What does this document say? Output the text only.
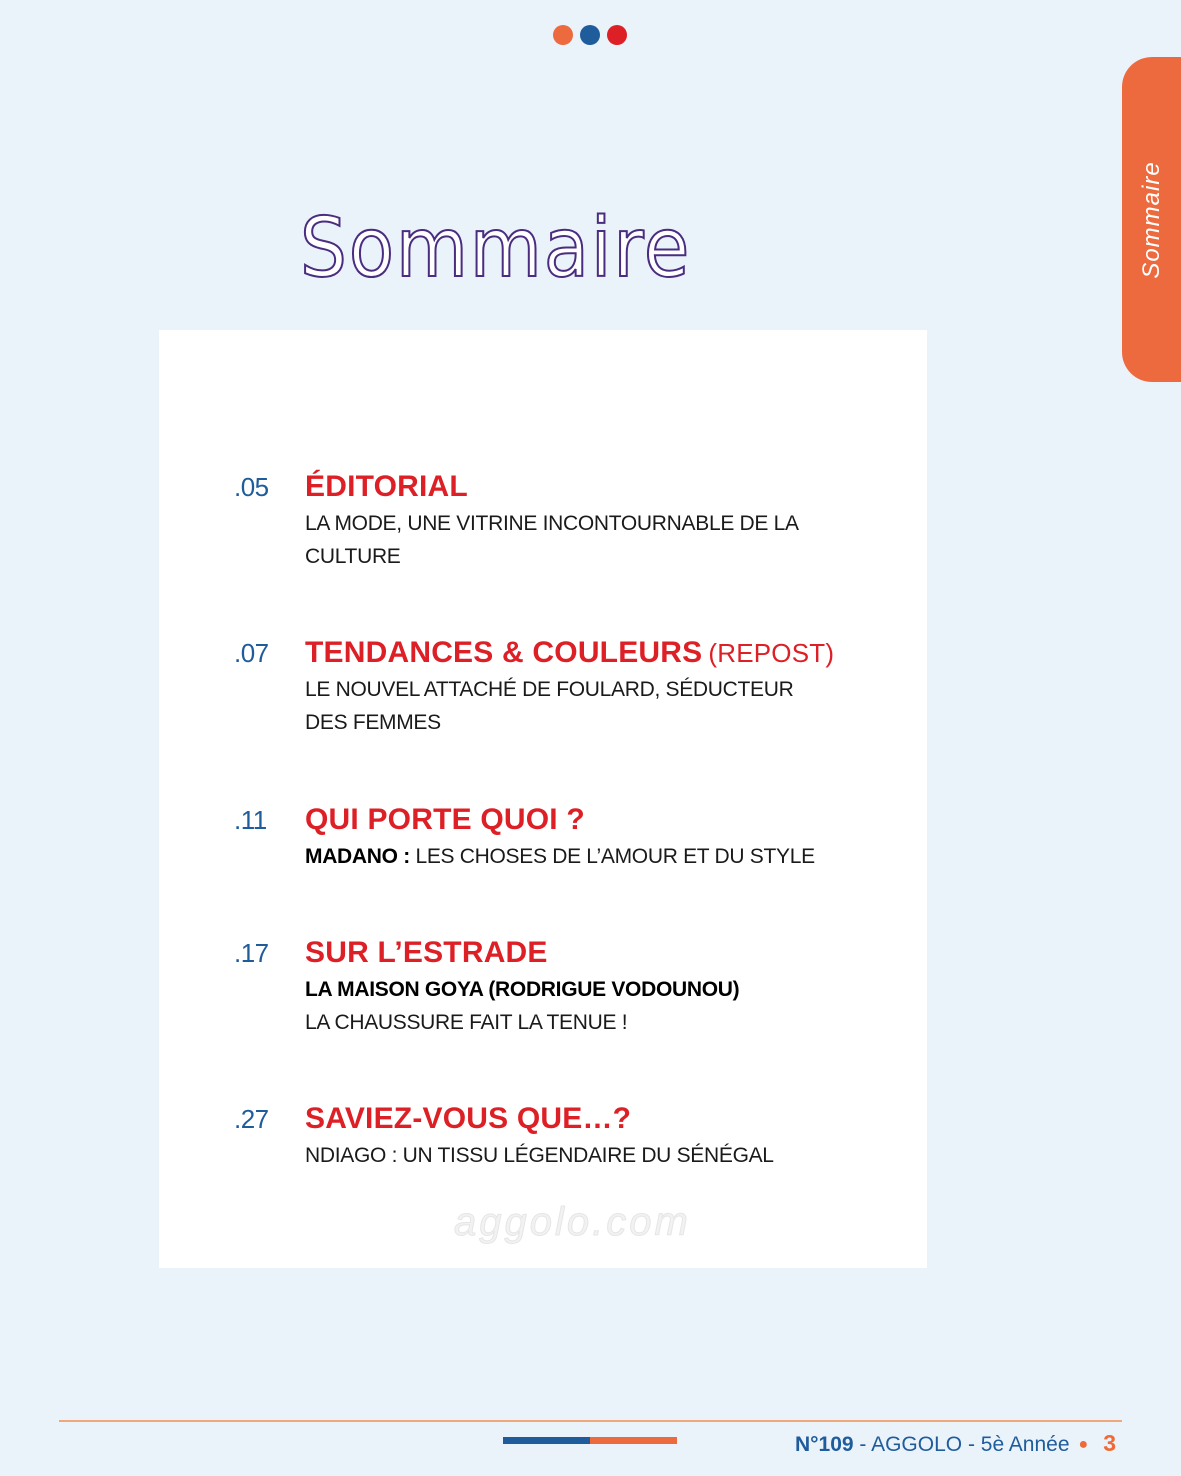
Sommaire
Sommaire
.05 ÉDITORIAL
LA MODE, UNE VITRINE INCONTOURNABLE DE LA
CULTURE
.07 TENDANCES & COULEURS (REPOST)
LE NOUVEL ATTACHÉ DE FOULARD, SÉDUCTEUR
DES FEMMES
.11 QUI PORTE QUOI ?
MADANO : LES CHOSES DE L’AMOUR ET DU STYLE
.17 SUR L’ESTRADE
LA MAISON GOYA (RODRIGUE VODOUNOU)
LA CHAUSSURE FAIT LA TENUE !
.27 SAVIEZ-VOUS QUE…?
NDIAGO : UN TISSU LÉGENDAIRE DU SÉNÉGAL
aggolo.com
N°109 - AGGOLO - 5è Année ● 3
